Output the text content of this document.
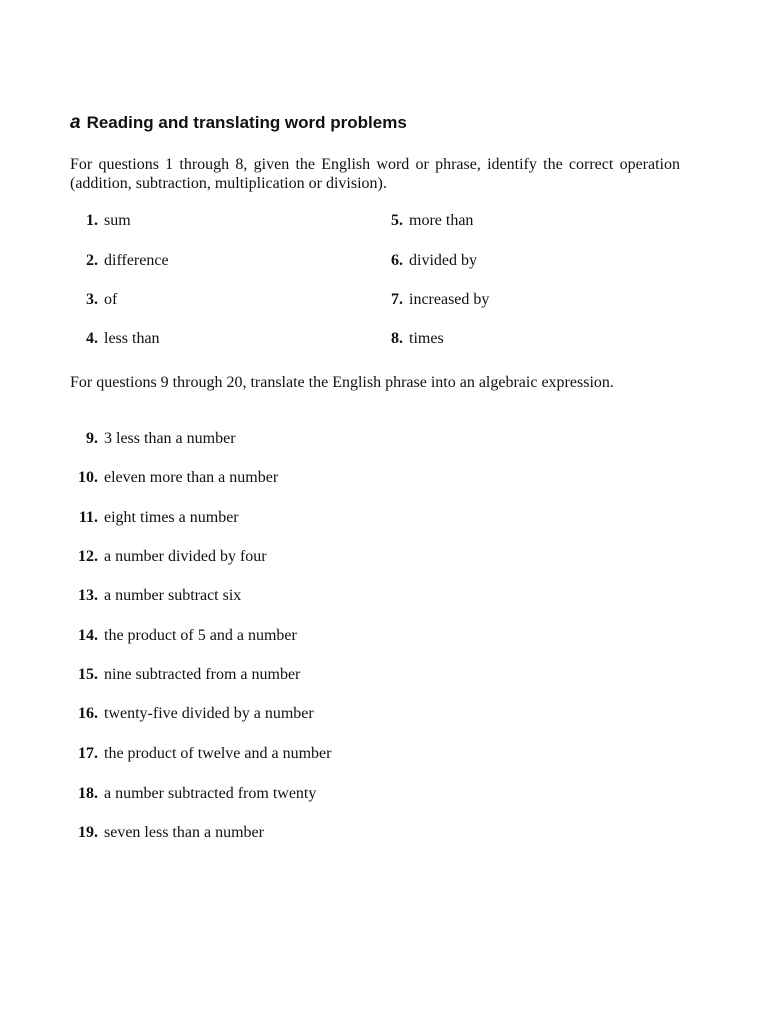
a Reading and translating word problems
For questions 1 through 8, given the English word or phrase, identify the correct operation (addition, subtraction, multiplication or division).
1. sum
2. difference
3. of
4. less than
5. more than
6. divided by
7. increased by
8. times
For questions 9 through 20, translate the English phrase into an algebraic expression.
9. 3 less than a number
10. eleven more than a number
11. eight times a number
12. a number divided by four
13. a number subtract six
14. the product of 5 and a number
15. nine subtracted from a number
16. twenty-five divided by a number
17. the product of twelve and a number
18. a number subtracted from twenty
19. seven less than a number
